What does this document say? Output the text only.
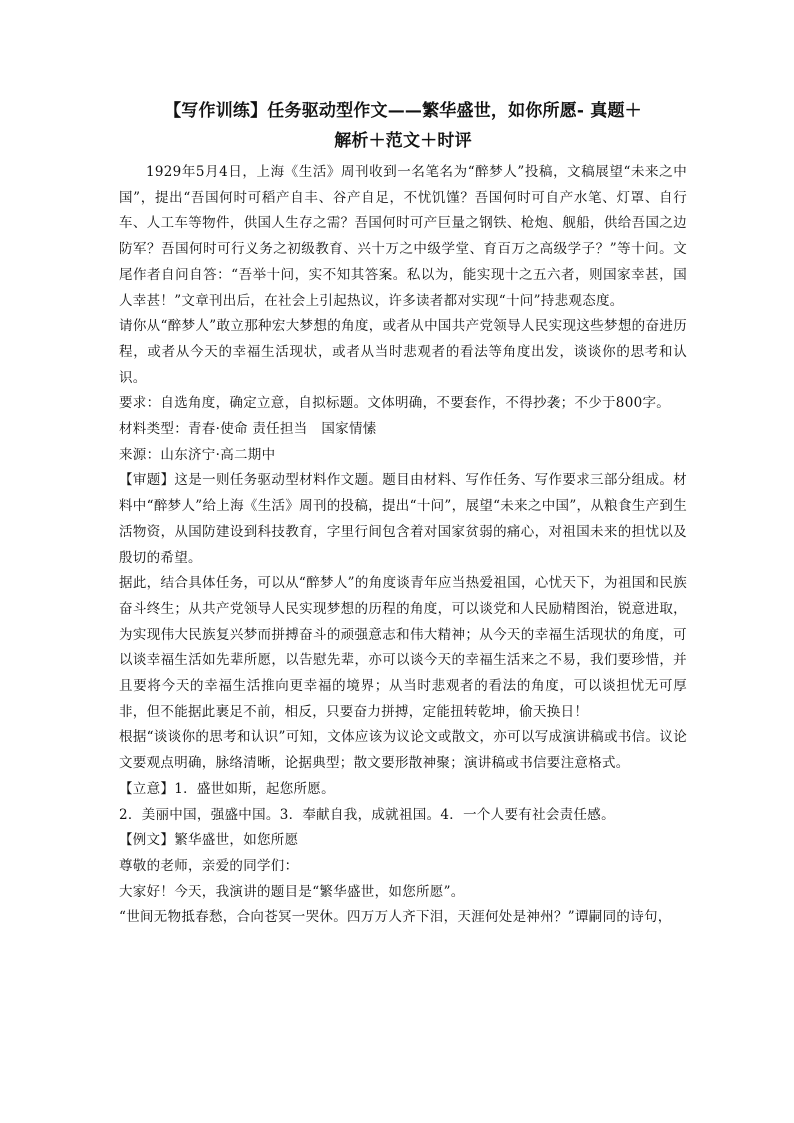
【写作训练】任务驱动型作文——繁华盛世，如你所愿- 真题＋
解析＋范文＋时评

1929年5月4日，上海《生活》周刊收到一名笔名为“醉梦人”投稿，文稿展望“未来之中国”，提出“吾国何时可稻产自丰、谷产自足，不忧饥馑？吾国何时可自产水笔、灯罩、自行车、人工车等物件，供国人生存之需？吾国何时可产巨量之钢铁、枪炮、舰船，供给吾国之边防军？吾国何时可行义务之初级教育、兴十万之中级学堂、育百万之高级学子？”等十问。文尾作者自问自答：“吾举十问，实不知其答案。私以为，能实现十之五六者，则国家幸甚，国人幸甚！”文章刊出后，在社会上引起热议，许多读者都对实现“十问”持悲观态度。

请你从“醉梦人”敢立那种宏大梦想的角度，或者从中国共产党领导人民实现这些梦想的奋进历程，或者从今天的幸福生活现状，或者从当时悲观者的看法等角度出发，谈谈你的思考和认识。

要求：自选角度，确定立意，自拟标题。文体明确，不要套作，不得抄袭；不少于800字。

材料类型：青春·使命 责任担当　国家情愫

来源：山东济宁·高二期中

【审题】这是一则任务驱动型材料作文题。题目由材料、写作任务、写作要求三部分组成。材料中“醉梦人”给上海《生活》周刊的投稿，提出“十问”，展望“未来之中国”，从粮食生产到生活物资，从国防建设到科技教育，字里行间包含着对国家贫弱的痛心，对祖国未来的担忧以及殷切的希望。

据此，结合具体任务，可以从“醉梦人”的角度谈青年应当热爱祖国，心忧天下，为祖国和民族奋斗终生；从共产党领导人民实现梦想的历程的角度，可以谈党和人民励精图治，锐意进取，为实现伟大民族复兴梦而拼搏奋斗的顽强意志和伟大精神；从今天的幸福生活现状的角度，可以谈幸福生活如先辈所愿，以告慰先辈，亦可以谈今天的幸福生活来之不易，我们要珍惜，并且要将今天的幸福生活推向更幸福的境界；从当时悲观者的看法的角度，可以谈担忧无可厚非，但不能据此裹足不前，相反，只要奋力拼搏，定能扭转乾坤，偷天换日！

根据“谈谈你的思考和认识”可知，文体应该为议论文或散文，亦可以写成演讲稿或书信。议论文要观点明确，脉络清晰，论据典型；散文要形散神聚；演讲稿或书信要注意格式。

【立意】1．盛世如斯，起您所愿。

2．美丽中国，强盛中国。3．奉献自我，成就祖国。4．一个人要有社会责任感。

【例文】繁华盛世，如您所愿

尊敬的老师，亲爱的同学们：

大家好！今天，我演讲的题目是“繁华盛世，如您所愿”。

“世间无物抵春愁，合向苍冥一哭休。四万万人齐下泪，天涯何处是神州？”谭嗣同的诗句，
